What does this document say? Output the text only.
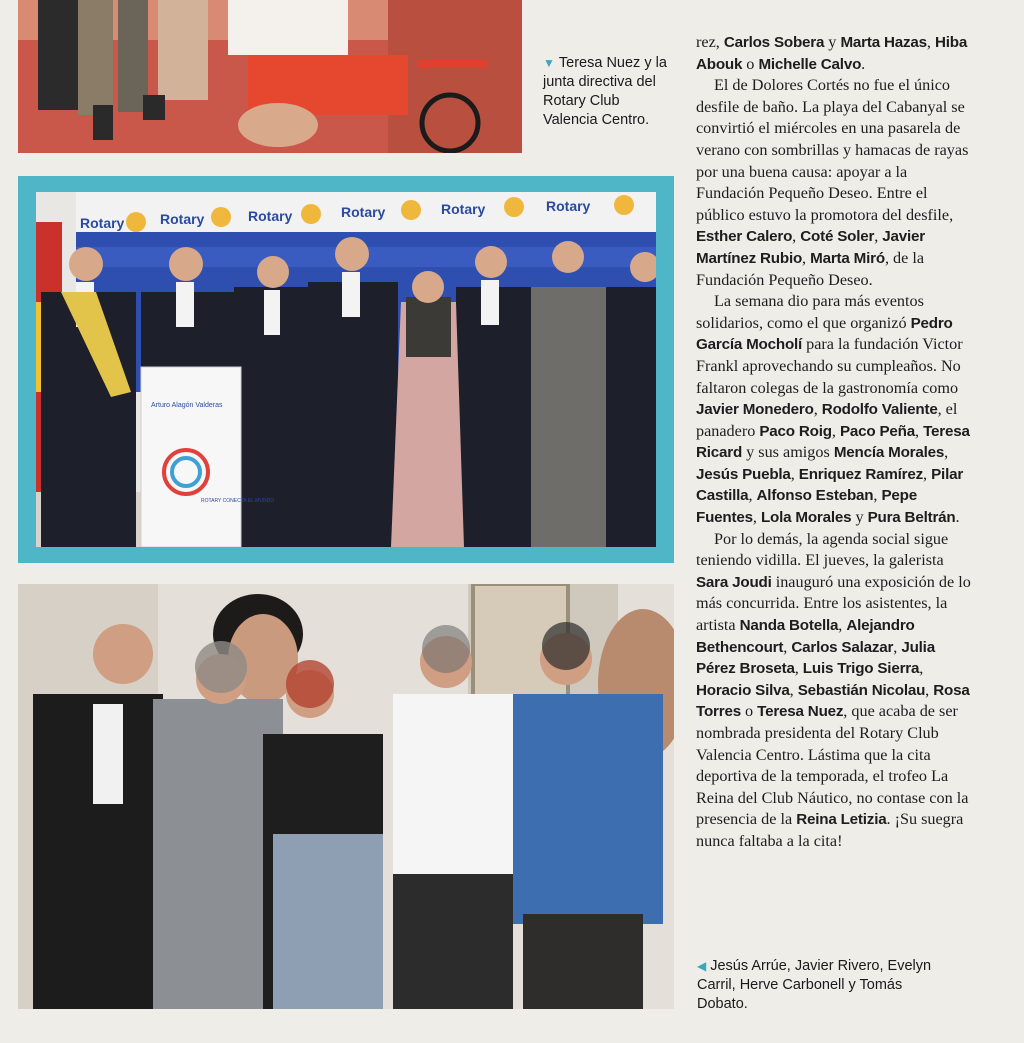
▼ Teresa Nuez y la junta directiva del Rotary Club Valencia Centro.
Rotary	Rotary	Rotary	Rotary	Rotary	Rotary
Arturo Alagón Valderas
ROTARY CONECTA EL MUNDO
◀ Jesús Arrúe, Javier Rivero, Evelyn Carril, Herve Carbonell y Tomás Dobato.

rez, Carlos Sobera y Marta Hazas, Hiba Abouk o Michelle Calvo.

El de Dolores Cortés no fue el único desfile de baño. La playa del Cabanyal se convirtió el miércoles en una pasarela de verano con sombrillas y hamacas de rayas por una buena causa: apoyar a la Fundación Pequeño Deseo. Entre el público estuvo la promotora del desfile, Esther Calero, Coté Soler, Javier Martínez Rubio, Marta Miró, de la Fundación Pequeño Deseo.

La semana dio para más eventos solidarios, como el que organizó Pedro García Mocholí para la fundación Victor Frankl aprovechando su cumpleaños. No faltaron colegas de la gastronomía como Javier Monedero, Rodolfo Valiente, el panadero Paco Roig, Paco Peña, Teresa Ricard y sus amigos Mencía Morales, Jesús Puebla, Enriquez Ramírez, Pilar Castilla, Alfonso Esteban, Pepe Fuentes, Lola Morales y Pura Beltrán.

Por lo demás, la agenda social sigue teniendo vidilla. El jueves, la galerista Sara Joudi inauguró una exposición de lo más concurrida. Entre los asistentes, la artista Nanda Botella, Alejandro Bethencourt, Carlos Salazar, Julia Pérez Broseta, Luis Trigo Sierra, Horacio Silva, Sebastián Nicolau, Rosa Torres o Teresa Nuez, que acaba de ser nombrada presidenta del Rotary Club Valencia Centro. Lástima que la cita deportiva de la temporada, el trofeo La Reina del Club Náutico, no contase con la presencia de la Reina Letizia. ¡Su suegra nunca faltaba a la cita!
